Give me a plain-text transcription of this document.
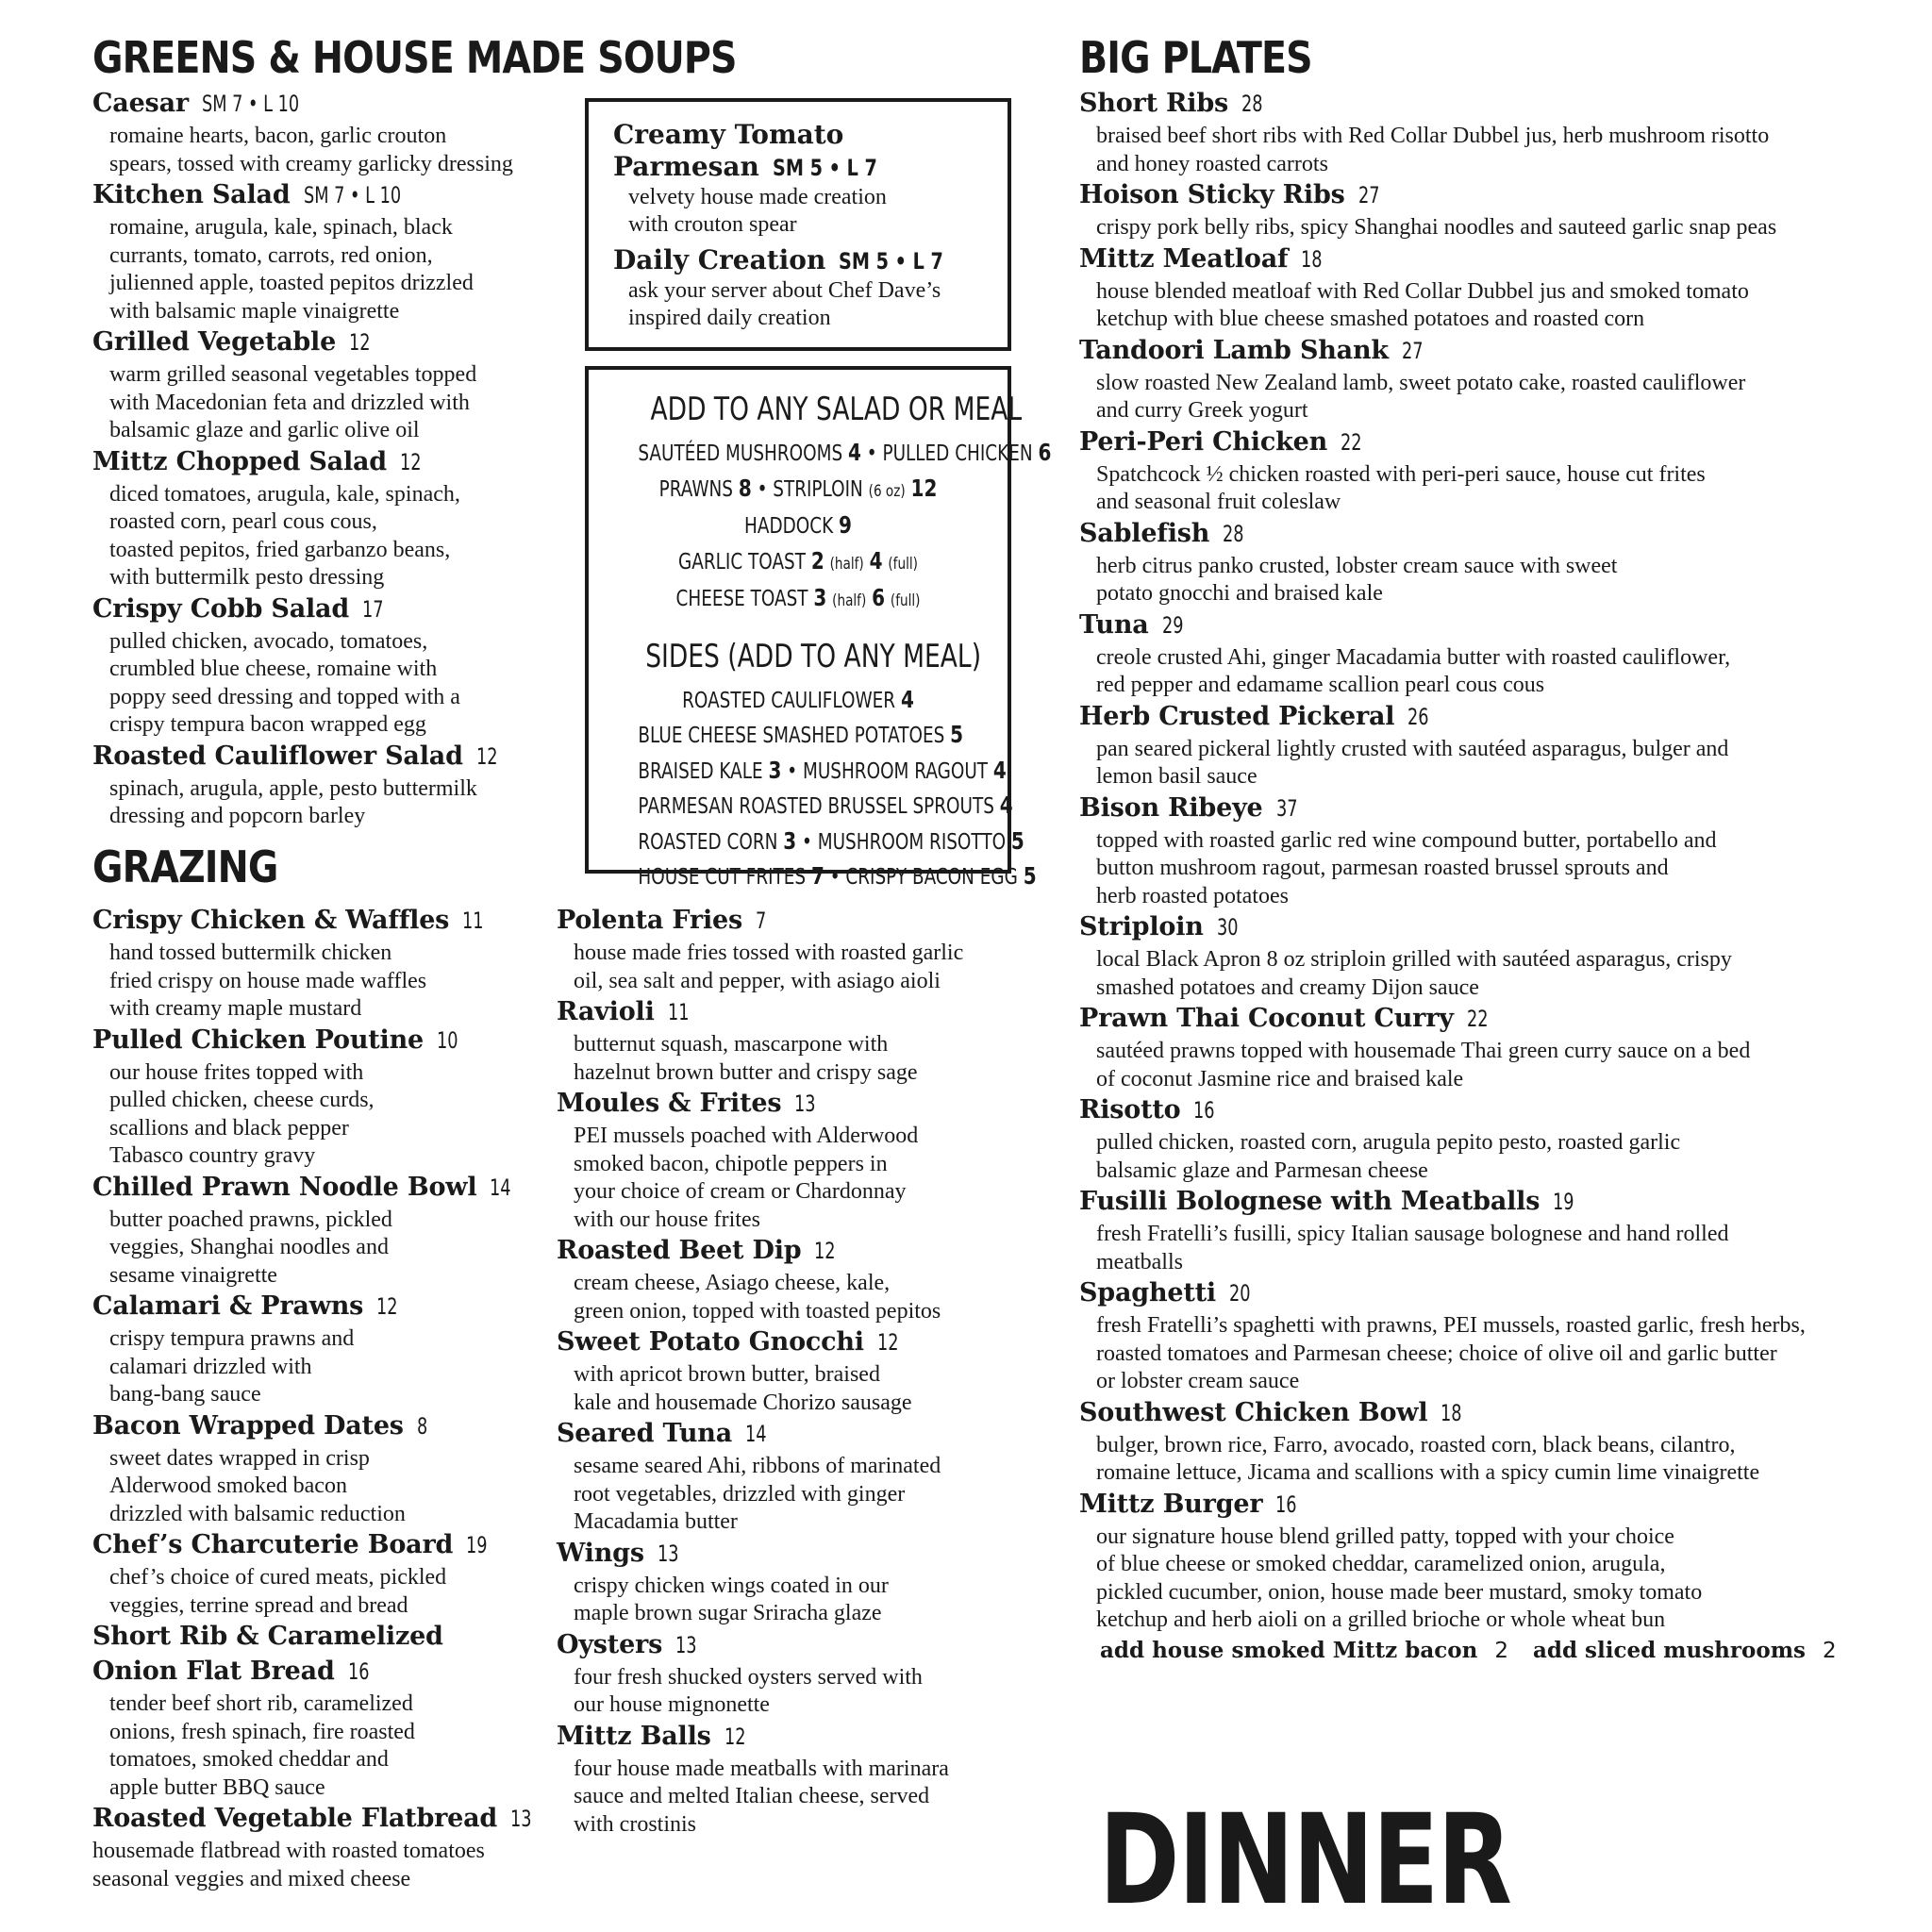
GREENS & HOUSE MADE SOUPS
Caesar SM 7 • L 10
romaine hearts, bacon, garlic crouton
spears, tossed with creamy garlicky dressing
Kitchen Salad SM 7 • L 10
romaine, arugula, kale, spinach, black
currants, tomato, carrots, red onion,
julienned apple, toasted pepitos drizzled
with balsamic maple vinaigrette
Grilled Vegetable 12
warm grilled seasonal vegetables topped
with Macedonian feta and drizzled with
balsamic glaze and garlic olive oil
Mittz Chopped Salad 12
diced tomatoes, arugula, kale, spinach,
roasted corn, pearl cous cous,
toasted pepitos, fried garbanzo beans,
with buttermilk pesto dressing
Crispy Cobb Salad 17
pulled chicken, avocado, tomatoes,
crumbled blue cheese, romaine with
poppy seed dressing and topped with a
crispy tempura bacon wrapped egg
Roasted Cauliflower Salad 12
spinach, arugula, apple, pesto buttermilk
dressing and popcorn barley
Creamy Tomato
Parmesan SM 5 • L 7
velvety house made creation
with crouton spear
Daily Creation SM 5 • L 7
ask your server about Chef Dave’s
inspired daily creation
ADD TO ANY SALAD OR MEAL
SAUTÉED MUSHROOMS 4 • PULLED CHICKEN 6
PRAWNS 8 • STRIPLOIN (6 oz) 12
HADDOCK 9
GARLIC TOAST 2 (half) 4 (full)
CHEESE TOAST 3 (half) 6 (full)
SIDES (ADD TO ANY MEAL)
ROASTED CAULIFLOWER 4
BLUE CHEESE SMASHED POTATOES 5
BRAISED KALE 3 • MUSHROOM RAGOUT 4
PARMESAN ROASTED BRUSSEL SPROUTS 4
ROASTED CORN 3 • MUSHROOM RISOTTO 5
HOUSE CUT FRITES 7 • CRISPY BACON EGG 5
GRAZING
Crispy Chicken & Waffles 11
hand tossed buttermilk chicken
fried crispy on house made waffles
with creamy maple mustard
Pulled Chicken Poutine 10
our house frites topped with
pulled chicken, cheese curds,
scallions and black pepper
Tabasco country gravy
Chilled Prawn Noodle Bowl 14
butter poached prawns, pickled
veggies, Shanghai noodles and
sesame vinaigrette
Calamari & Prawns 12
crispy tempura prawns and
calamari drizzled with
bang-bang sauce
Bacon Wrapped Dates 8
sweet dates wrapped in crisp
Alderwood smoked bacon
drizzled with balsamic reduction
Chef’s Charcuterie Board 19
chef’s choice of cured meats, pickled
veggies, terrine spread and bread
Short Rib & Caramelized
Onion Flat Bread 16
tender beef short rib, caramelized
onions, fresh spinach, fire roasted
tomatoes, smoked cheddar and
apple butter BBQ sauce
Roasted Vegetable Flatbread 13
housemade flatbread with roasted tomatoes
seasonal veggies and mixed cheese
Polenta Fries 7
house made fries tossed with roasted garlic
oil, sea salt and pepper, with asiago aioli
Ravioli 11
butternut squash, mascarpone with
hazelnut brown butter and crispy sage
Moules & Frites 13
PEI mussels poached with Alderwood
smoked bacon, chipotle peppers in
your choice of cream or Chardonnay
with our house frites
Roasted Beet Dip 12
cream cheese, Asiago cheese, kale,
green onion, topped with toasted pepitos
Sweet Potato Gnocchi 12
with apricot brown butter, braised
kale and housemade Chorizo sausage
Seared Tuna 14
sesame seared Ahi, ribbons of marinated
root vegetables, drizzled with ginger
Macadamia butter
Wings 13
crispy chicken wings coated in our
maple brown sugar Sriracha glaze
Oysters 13
four fresh shucked oysters served with
our house mignonette
Mittz Balls 12
four house made meatballs with marinara
sauce and melted Italian cheese, served
with crostinis
BIG PLATES
Short Ribs 28
braised beef short ribs with Red Collar Dubbel jus, herb mushroom risotto
and honey roasted carrots
Hoison Sticky Ribs 27
crispy pork belly ribs, spicy Shanghai noodles and sauteed garlic snap peas
Mittz Meatloaf 18
house blended meatloaf with Red Collar Dubbel jus and smoked tomato
ketchup with blue cheese smashed potatoes and roasted corn
Tandoori Lamb Shank 27
slow roasted New Zealand lamb, sweet potato cake, roasted cauliflower
and curry Greek yogurt
Peri-Peri Chicken 22
Spatchcock ½ chicken roasted with peri-peri sauce, house cut frites
and seasonal fruit coleslaw
Sablefish 28
herb citrus panko crusted, lobster cream sauce with sweet
potato gnocchi and braised kale
Tuna 29
creole crusted Ahi, ginger Macadamia butter with roasted cauliflower,
red pepper and edamame scallion pearl cous cous
Herb Crusted Pickeral 26
pan seared pickeral lightly crusted with sautéed asparagus, bulger and
lemon basil sauce
Bison Ribeye 37
topped with roasted garlic red wine compound butter, portabello and
button mushroom ragout, parmesan roasted brussel sprouts and
herb roasted potatoes
Striploin 30
local Black Apron 8 oz striploin grilled with sautéed asparagus, crispy
smashed potatoes and creamy Dijon sauce
Prawn Thai Coconut Curry 22
sautéed prawns topped with housemade Thai green curry sauce on a bed
of coconut Jasmine rice and braised kale
Risotto 16
pulled chicken, roasted corn, arugula pepito pesto, roasted garlic
balsamic glaze and Parmesan cheese
Fusilli Bolognese with Meatballs 19
fresh Fratelli’s fusilli, spicy Italian sausage bolognese and hand rolled
meatballs
Spaghetti 20
fresh Fratelli’s spaghetti with prawns, PEI mussels, roasted garlic, fresh herbs,
roasted tomatoes and Parmesan cheese; choice of olive oil and garlic butter
or lobster cream sauce
Southwest Chicken Bowl 18
bulger, brown rice, Farro, avocado, roasted corn, black beans, cilantro,
romaine lettuce, Jicama and scallions with a spicy cumin lime vinaigrette
Mittz Burger 16
our signature house blend grilled patty, topped with your choice
of blue cheese or smoked cheddar, caramelized onion, arugula,
pickled cucumber, onion, house made beer mustard, smoky tomato
ketchup and herb aioli on a grilled brioche or whole wheat bun
add house smoked Mittz bacon 2 add sliced mushrooms 2
DINNER
